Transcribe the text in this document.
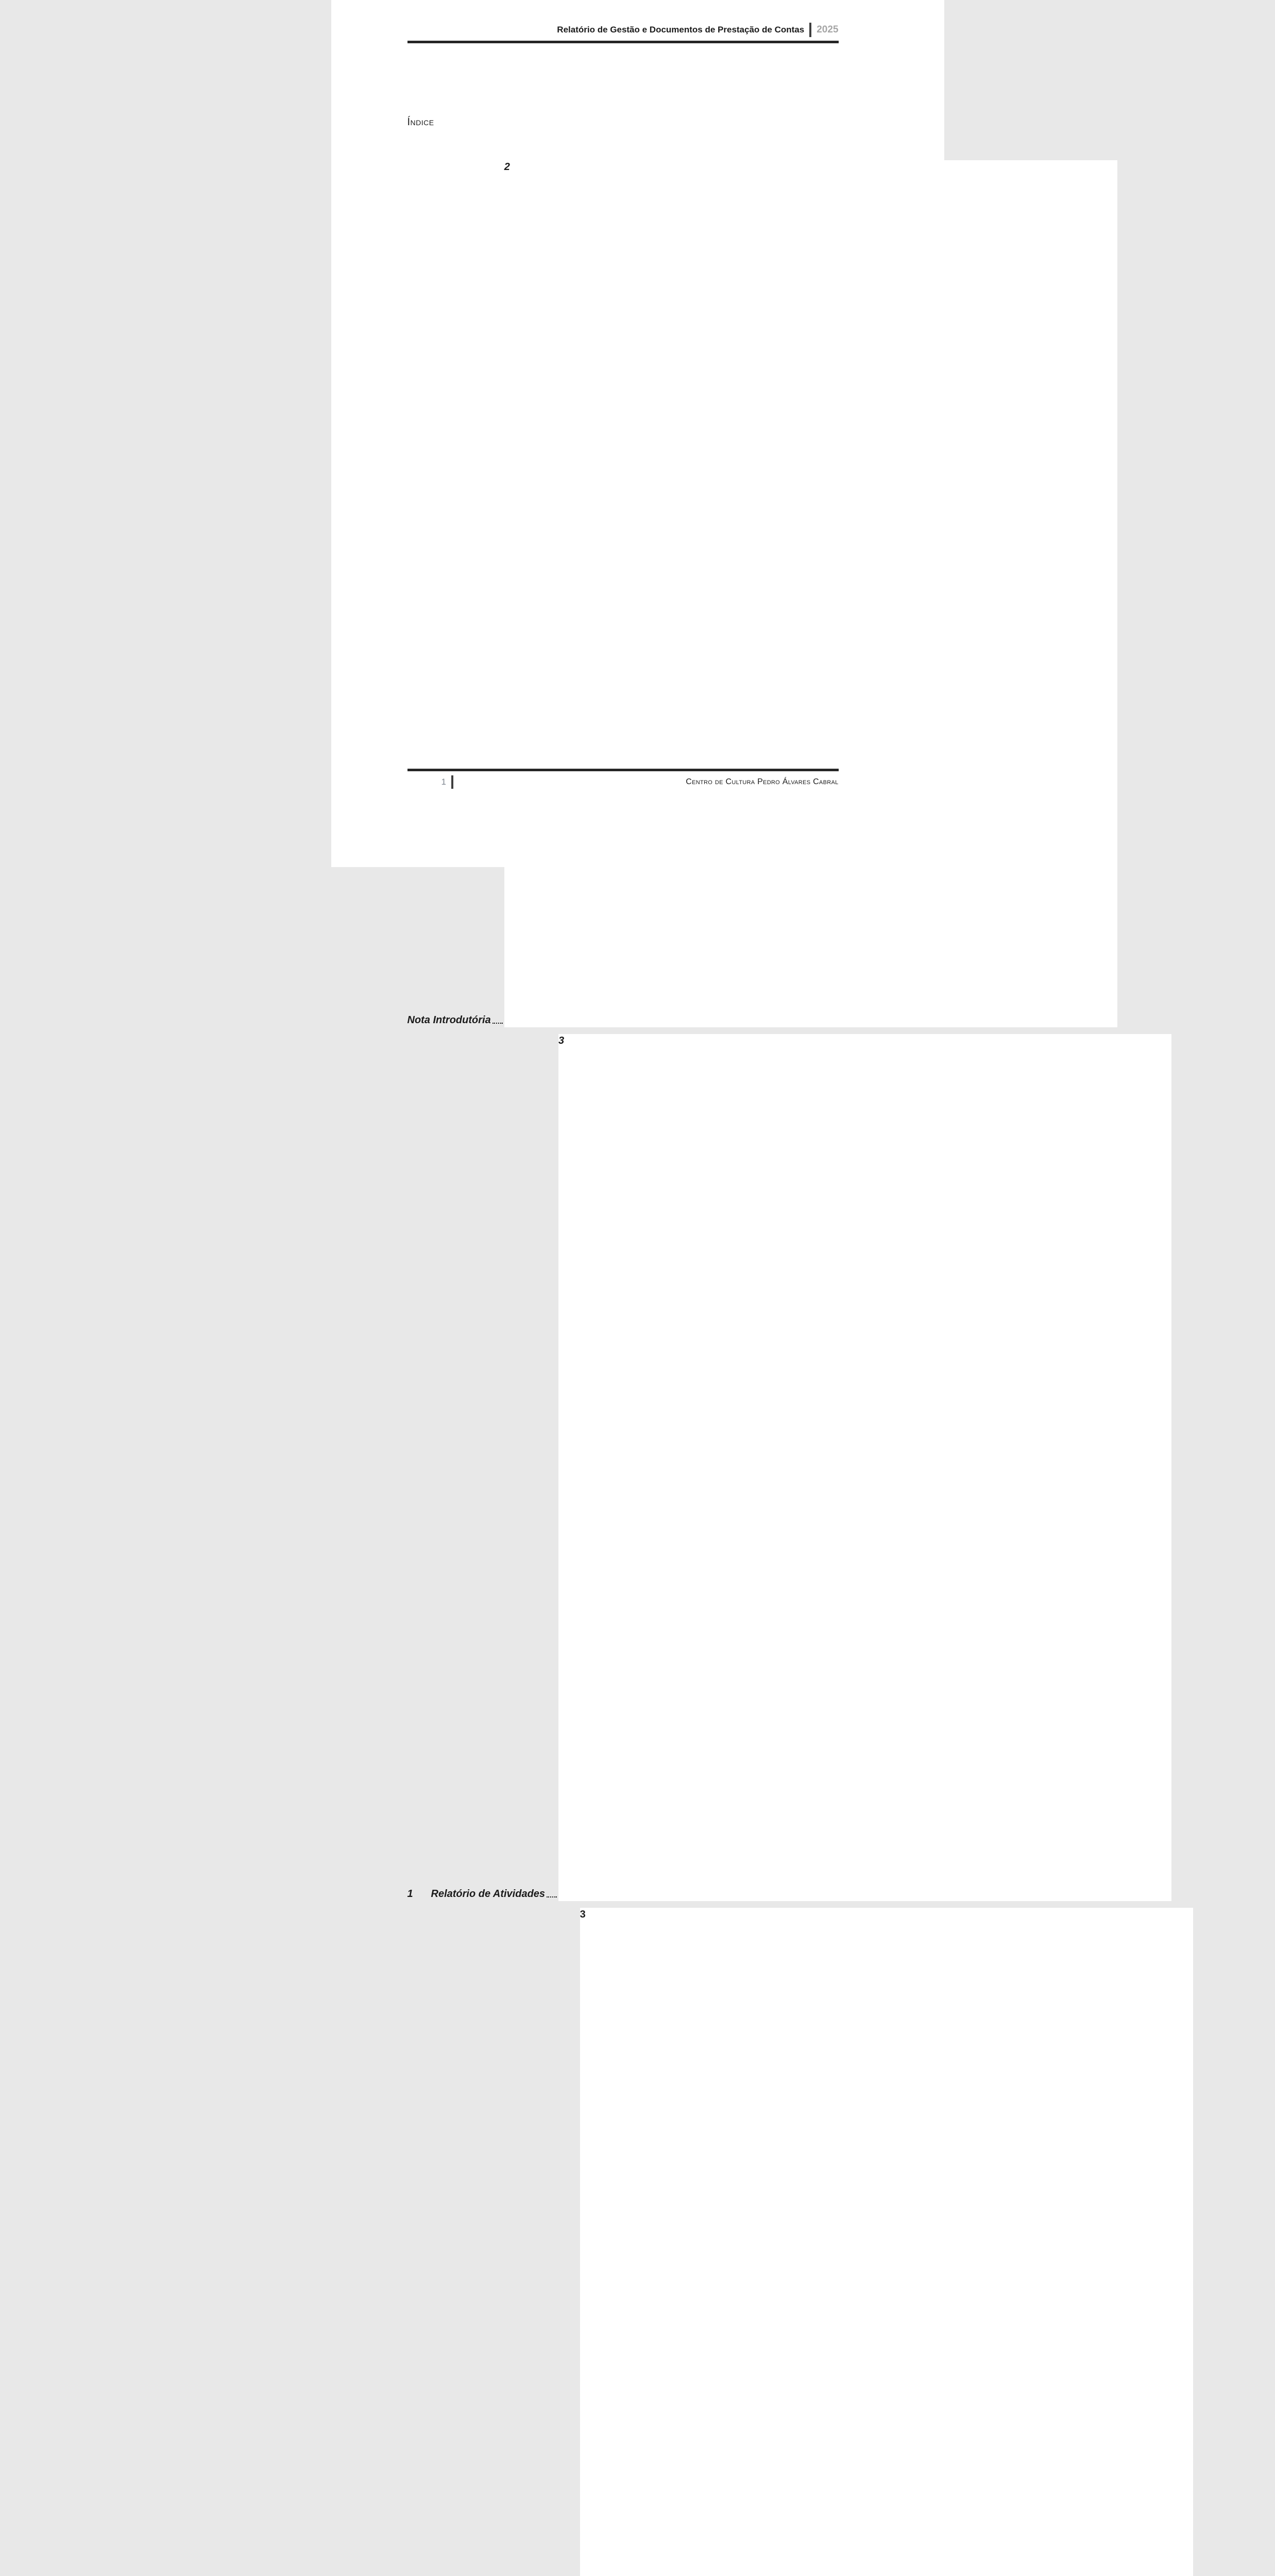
Relatório de Gestão e Documentos de Prestação de Contas 2025
Índice
Nota Introdutória
2
1	Relatório de Atividades
3
3
1	Centro de Cultura Pedro Álvares Cabral
